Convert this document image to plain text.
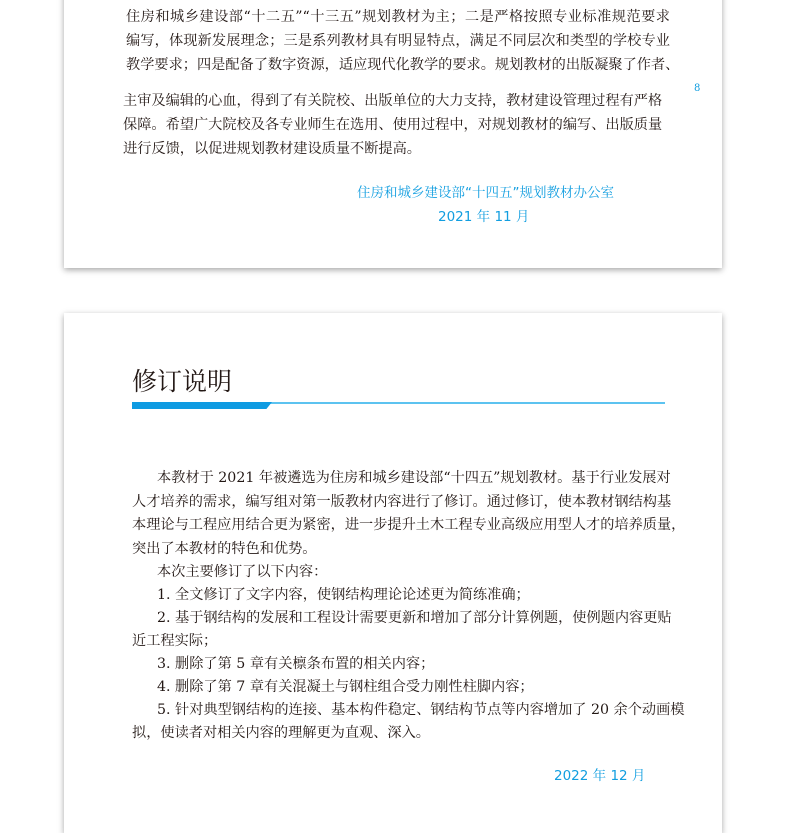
住房和城乡建设部“十二五”“十三五”规划教材为主；二是严格按照专业标准规范要求
编写，体现新发展理念；三是系列教材具有明显特点，满足不同层次和类型的学校专业
教学要求；四是配备了数字资源，适应现代化教学的要求。规划教材的出版凝聚了作者、
主审及编辑的心血，得到了有关院校、出版单位的大力支持，教材建设管理过程有严格
8
保障。希望广大院校及各专业师生在选用、使用过程中，对规划教材的编写、出版质量
进行反馈，以促进规划教材建设质量不断提高。
住房和城乡建设部“十四五”规划教材办公室
2021 年 11 月
修订说明
本教材于 2021 年被遴选为住房和城乡建设部“十四五”规划教材。基于行业发展对
人才培养的需求，编写组对第一版教材内容进行了修订。通过修订，使本教材钢结构基
本理论与工程应用结合更为紧密，进一步提升土木工程专业高级应用型人才的培养质量，
突出了本教材的特色和优势。
本次主要修订了以下内容：
1. 全文修订了文字内容，使钢结构理论论述更为简练准确；
2. 基于钢结构的发展和工程设计需要更新和增加了部分计算例题，使例题内容更贴
近工程实际；
3. 删除了第 5 章有关檩条布置的相关内容；
4. 删除了第 7 章有关混凝土与钢柱组合受力刚性柱脚内容；
5. 针对典型钢结构的连接、基本构件稳定、钢结构节点等内容增加了 20 余个动画模
拟，使读者对相关内容的理解更为直观、深入。
2022 年 12 月
